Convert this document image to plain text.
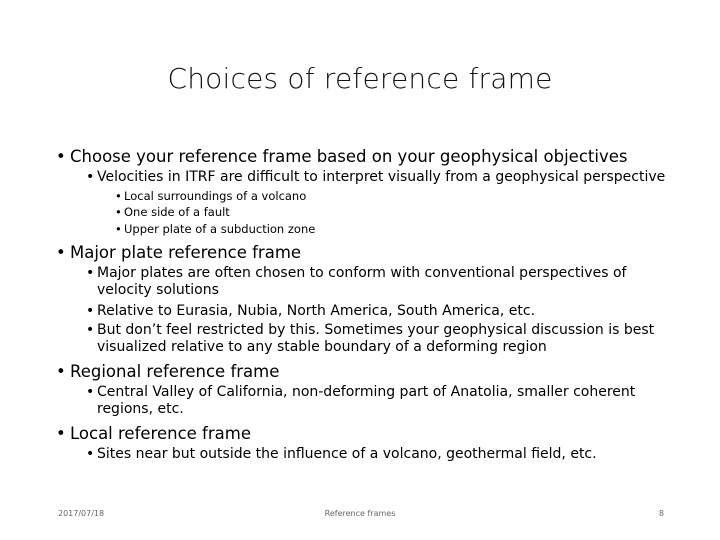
Choices of reference frame
• Choose your reference frame based on your geophysical objectives
• Velocities in ITRF are difficult to interpret visually from a geophysical perspective
• Local surroundings of a volcano
• One side of a fault
• Upper plate of a subduction zone
• Major plate reference frame
• Major plates are often chosen to conform with conventional perspectives of
velocity solutions
• Relative to Eurasia, Nubia, North America, South America, etc.
• But don’t feel restricted by this. Sometimes your geophysical discussion is best
visualized relative to any stable boundary of a deforming region
• Regional reference frame
• Central Valley of California, non-deforming part of Anatolia, smaller coherent
regions, etc.
• Local reference frame
• Sites near but outside the influence of a volcano, geothermal field, etc.
2017/07/18	Reference frames	8
